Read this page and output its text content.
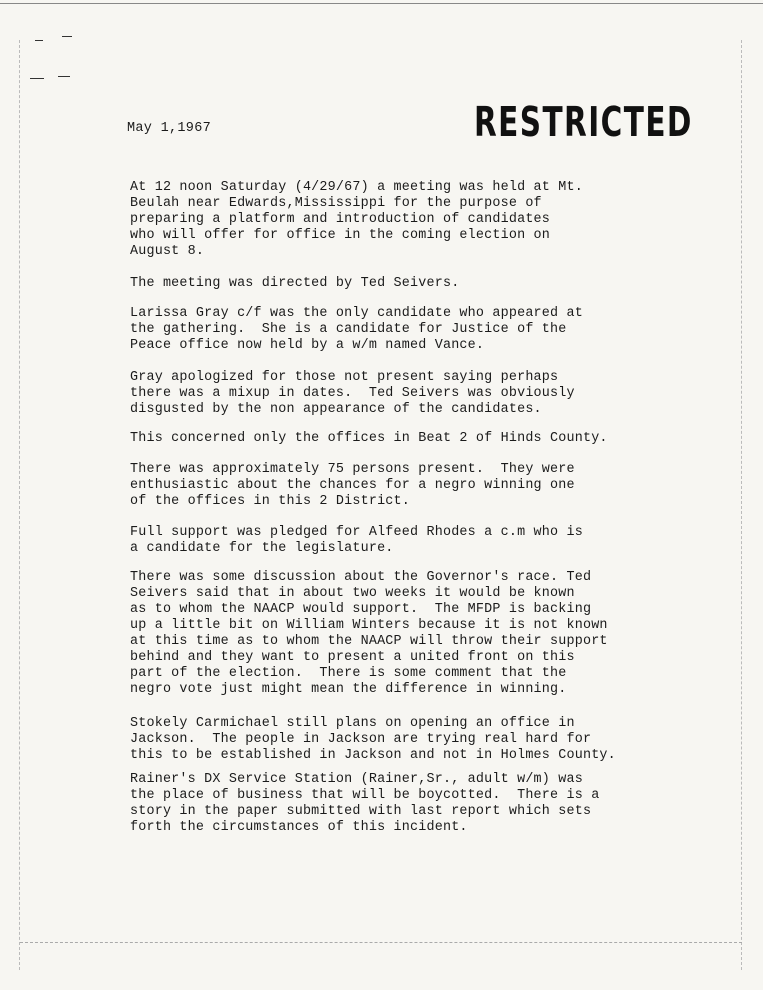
May 1,1967	RESTRICTED

At 12 noon Saturday (4/29/67) a meeting was held at Mt.
Beulah near Edwards,Mississippi for the purpose of
preparing a platform and introduction of candidates
who will offer for office in the coming election on
August 8.

The meeting was directed by Ted Seivers.

Larissa Gray c/f was the only candidate who appeared at
the gathering.  She is a candidate for Justice of the
Peace office now held by a w/m named Vance.

Gray apologized for those not present saying perhaps
there was a mixup in dates.  Ted Seivers was obviously
disgusted by the non appearance of the candidates.

This concerned only the offices in Beat 2 of Hinds County.

There was approximately 75 persons present.  They were
enthusiastic about the chances for a negro winning one
of the offices in this 2 District.

Full support was pledged for Alfeed Rhodes a c.m who is
a candidate for the legislature.

There was some discussion about the Governor's race. Ted
Seivers said that in about two weeks it would be known
as to whom the NAACP would support.  The MFDP is backing
up a little bit on William Winters because it is not known
at this time as to whom the NAACP will throw their support
behind and they want to present a united front on this
part of the election.  There is some comment that the
negro vote just might mean the difference in winning.

Stokely Carmichael still plans on opening an office in
Jackson.  The people in Jackson are trying real hard for
this to be established in Jackson and not in Holmes County.

Rainer's DX Service Station (Rainer,Sr., adult w/m) was
the place of business that will be boycotted.  There is a
story in the paper submitted with last report which sets
forth the circumstances of this incident.
